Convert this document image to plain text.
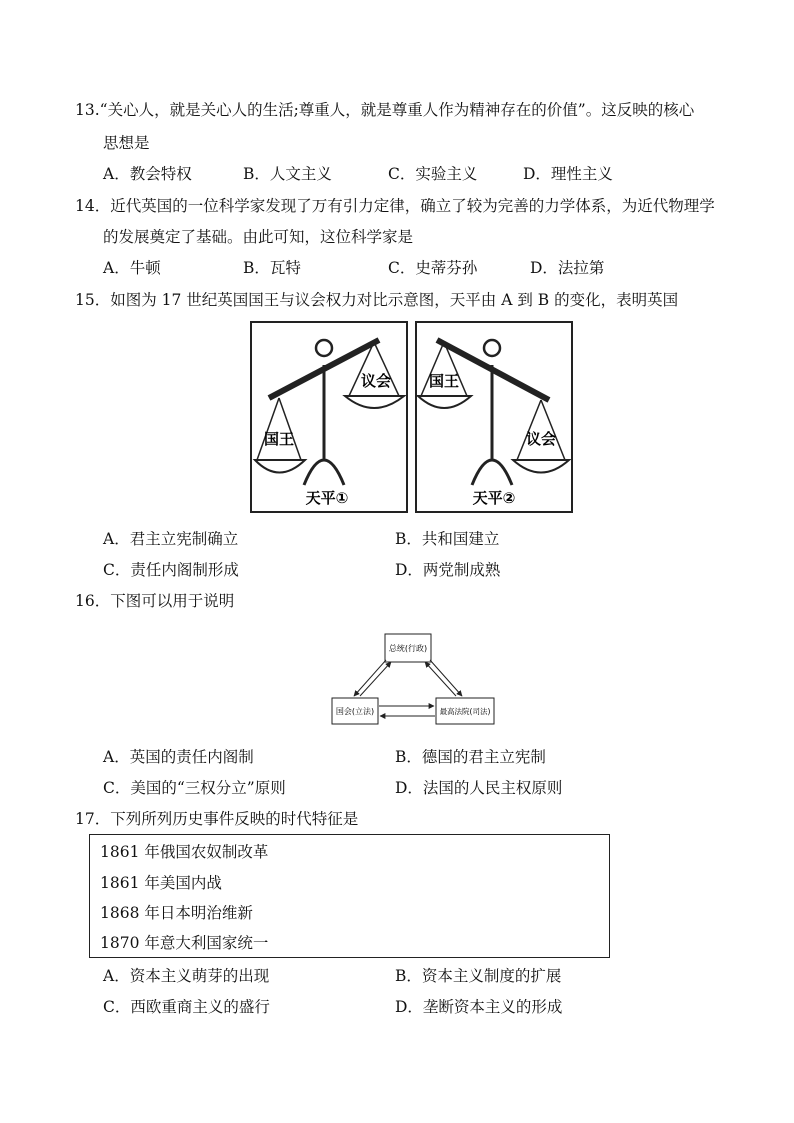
13.“关心人，就是关心人的生活;尊重人，就是尊重人作为精神存在的价值”。这反映的核心
思想是
A．教会特权	B．人文主义	C．实验主义	D．理性主义
14．近代英国的一位科学家发现了万有引力定律，确立了较为完善的力学体系，为近代物理学
的发展奠定了基础。由此可知，这位科学家是
A．牛顿	B．瓦特	C．史蒂芬孙	D．法拉第
15．如图为 17 世纪英国国王与议会权力对比示意图，天平由 A 到 B 的变化，表明英国
国王
议会
天平①
国王
议会
天平②
A．君主立宪制确立	B．共和国建立
C．责任内阁制形成	D．两党制成熟
16．下图可以用于说明
总统(行政)
国会(立法)	最高法院(司法)
A．英国的责任内阁制	B．德国的君主立宪制
C．美国的“三权分立”原则	D．法国的人民主权原则
17．下列所列历史事件反映的时代特征是
1861 年俄国农奴制改革
1861 年美国内战
1868 年日本明治维新
1870 年意大利国家统一
A．资本主义萌芽的出现	B．资本主义制度的扩展
C．西欧重商主义的盛行	D．垄断资本主义的形成
